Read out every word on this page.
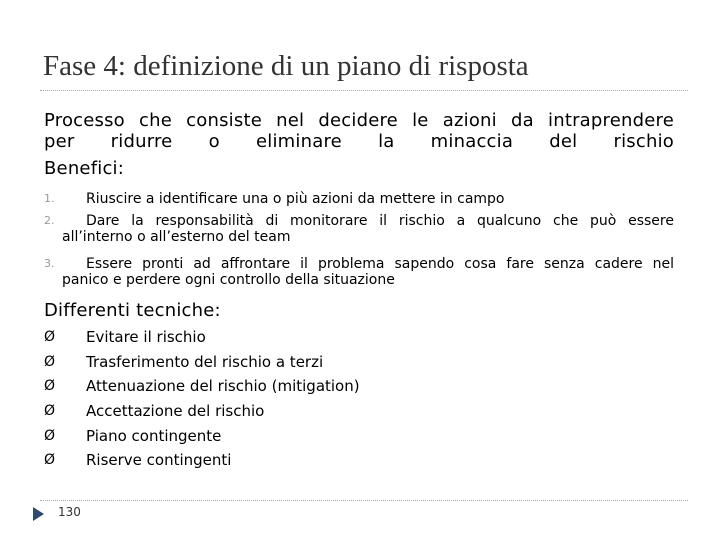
Fase 4: definizione di un piano di risposta
Processo che consiste nel decidere le azioni da intraprendere
per ridurre o eliminare la minaccia del rischio
Benefici:
1.	Riuscire a identificare una o più azioni da mettere in campo
2.	Dare la responsabilità di monitorare il rischio a qualcuno che può essere
all’interno o all’esterno del team
3.	Essere pronti ad affrontare il problema sapendo cosa fare senza cadere nel
panico e perdere ogni controllo della situazione
Differenti tecniche:
Ø Evitare il rischio
Ø Trasferimento del rischio a terzi
Ø Attenuazione del rischio (mitigation)
Ø Accettazione del rischio
Ø Piano contingente
Ø Riserve contingenti
130
